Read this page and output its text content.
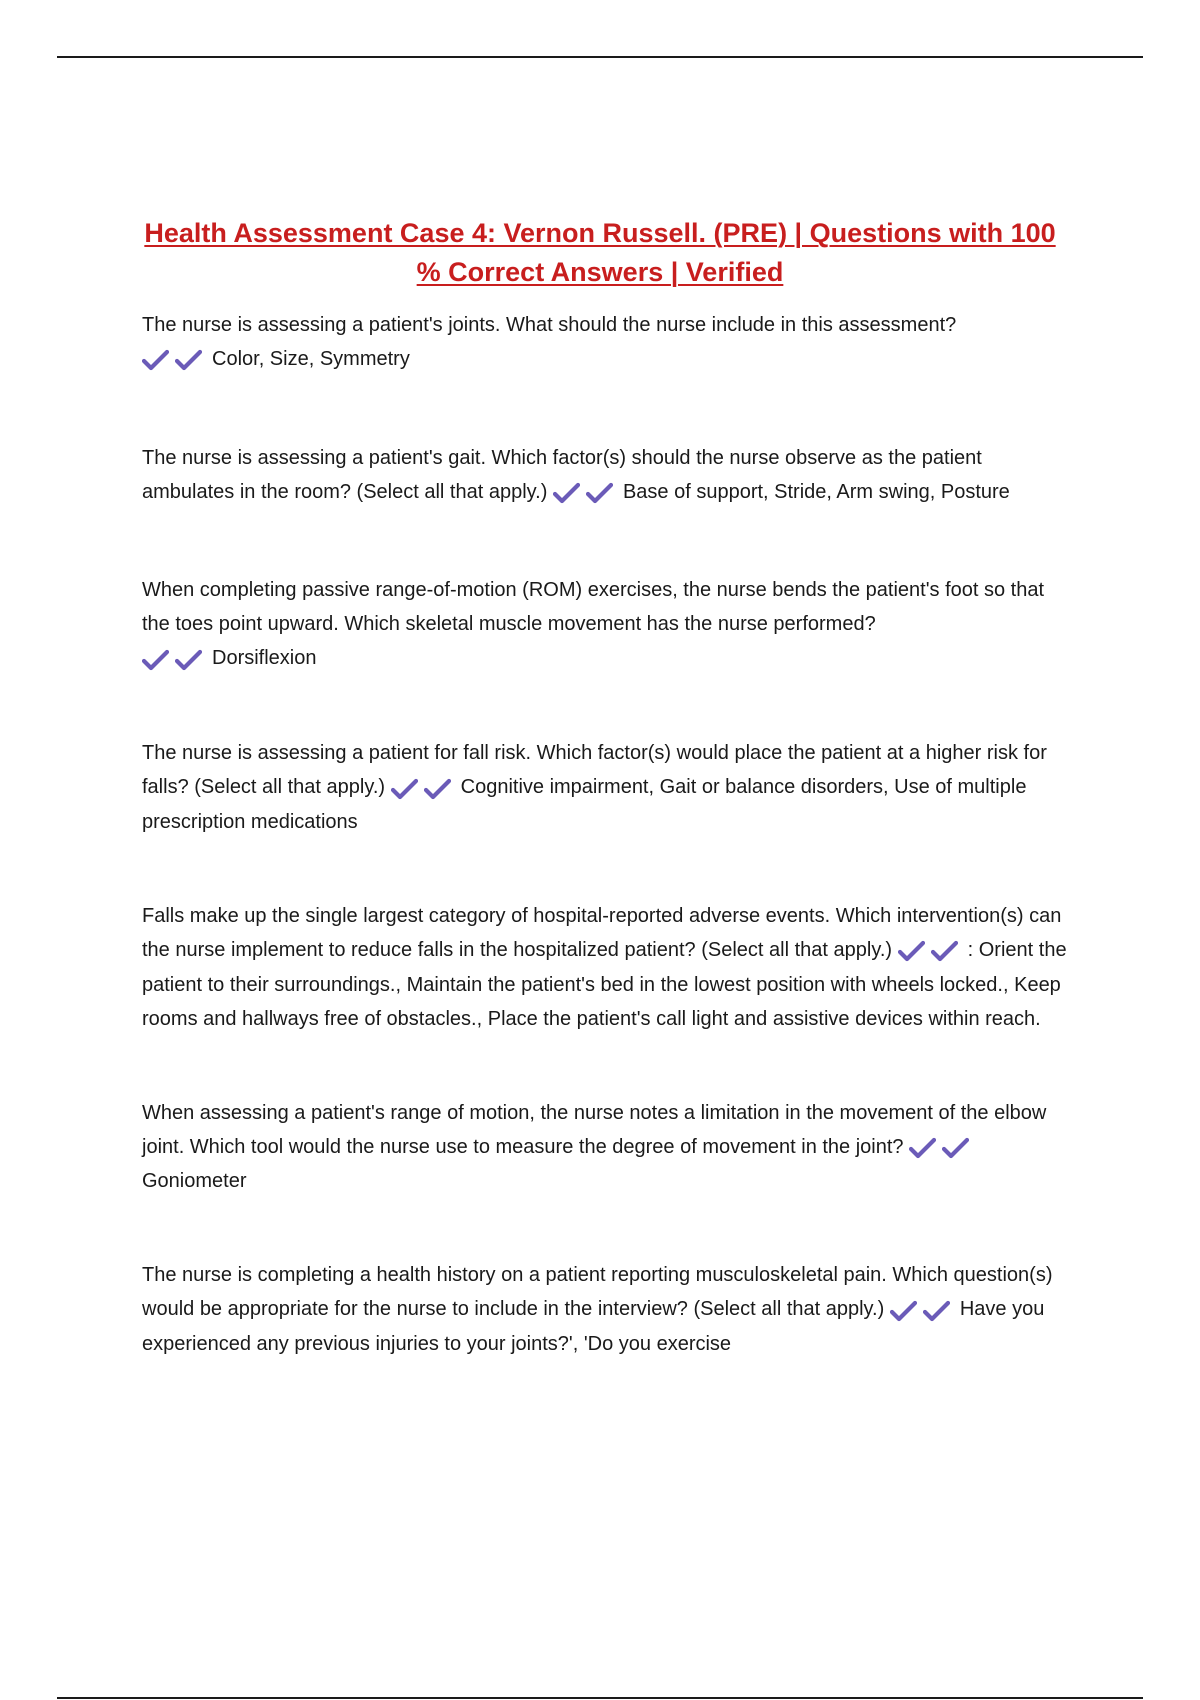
Health Assessment Case 4: Vernon Russell. (PRE) | Questions with 100 % Correct Answers | Verified

The nurse is assessing a patient's joints. What should the nurse include in this assessment?

Color, Size, Symmetry

The nurse is assessing a patient's gait. Which factor(s) should the nurse observe as the patient ambulates in the room? (Select all that apply.)	Base of support, Stride, Arm swing, Posture

When completing passive range-of-motion (ROM) exercises, the nurse bends the patient's foot so that the toes point upward. Which skeletal muscle movement has the nurse performed?

Dorsiflexion

The nurse is assessing a patient for fall risk. Which factor(s) would place the patient at a higher risk for falls? (Select all that apply.)	Cognitive impairment, Gait or balance disorders, Use of multiple prescription medications

Falls make up the single largest category of hospital-reported adverse events. Which intervention(s) can the nurse implement to reduce falls in the hospitalized patient? (Select all that apply.)	: Orient the patient to their surroundings., Maintain the patient's bed in the lowest position with wheels locked., Keep rooms and hallways free of obstacles., Place the patient's call light and assistive devices within reach.

When assessing a patient's range of motion, the nurse notes a limitation in the movement of the elbow joint. Which tool would the nurse use to measure the degree of movement in the joint?
Goniometer

The nurse is completing a health history on a patient reporting musculoskeletal pain. Which question(s) would be appropriate for the nurse to include in the interview? (Select all that apply.)	Have you experienced any previous injuries to your joints?', 'Do you exercise
